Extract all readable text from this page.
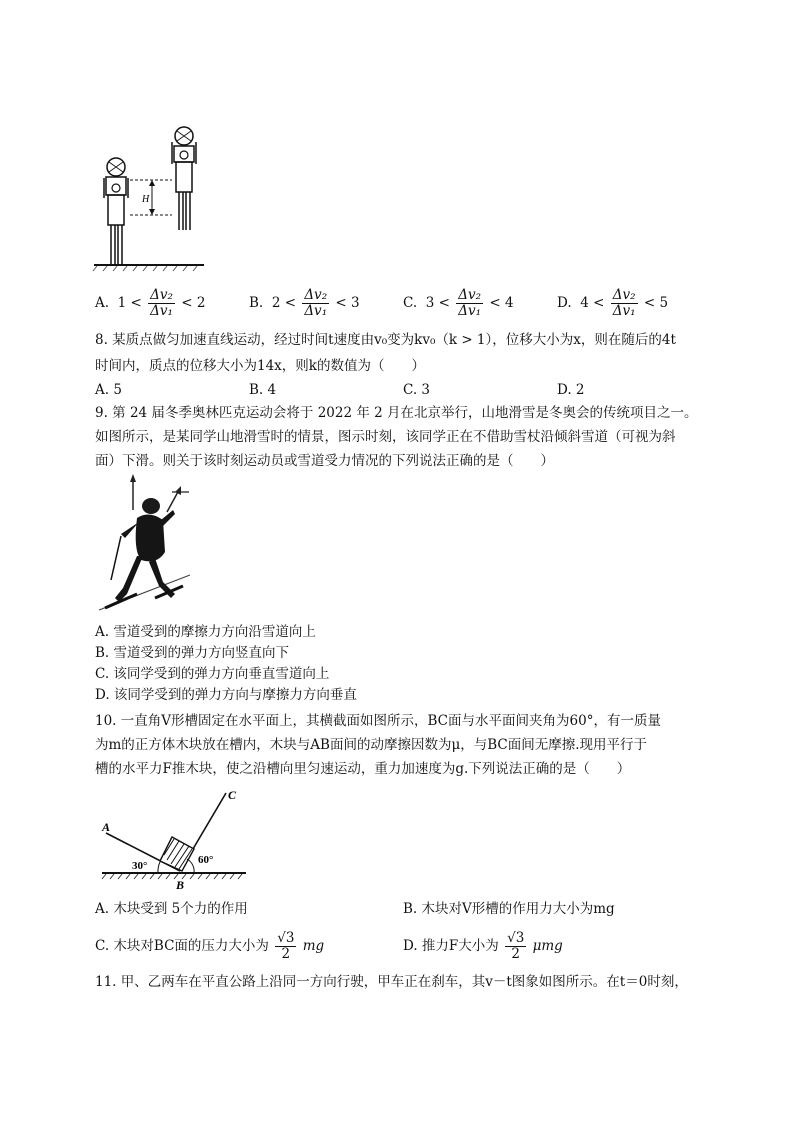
H
A. $1 < \frac{\text{Δv₂}}{\text{Δv₁}} < 2$	B. $2 < \frac{\text{Δv₂}}{\text{Δv₁}} < 3$	C. $3 < \frac{\text{Δv₂}}{\text{Δv₁}} < 4$	D. $4 < \frac{\text{Δv₂}}{\text{Δv₁}} < 5$
8. 某质点做匀加速直线运动，经过时间t速度由v₀变为kv₀（k > 1），位移大小为x，则在随后的4t
时间内，质点的位移大小为14x，则k的数值为（　　）
A. 5	B. 4	C. 3	D. 2
9. 第 24 届冬季奥林匹克运动会将于 2022 年 2 月在北京举行，山地滑雪是冬奥会的传统项目之一。
如图所示，是某同学山地滑雪时的情景，图示时刻，该同学正在不借助雪杖沿倾斜雪道（可视为斜
面）下滑。则关于该时刻运动员或雪道受力情况的下列说法正确的是（　　）
A. 雪道受到的摩擦力方向沿雪道向上
B. 雪道受到的弹力方向竖直向下
C. 该同学受到的弹力方向垂直雪道向上
D. 该同学受到的弹力方向与摩擦力方向垂直
10. 一直角V形槽固定在水平面上，其横截面如图所示，BC面与水平面间夹角为60°，有一质量
为m的正方体木块放在槽内，木块与AB面间的动摩擦因数为μ，与BC面间无摩擦.现用平行于
槽的水平力F推木块，使之沿槽向里匀速运动，重力加速度为g.下列说法正确的是（　　）
A
C
B
30°	60°
A. 木块受到 5个力的作用	B. 木块对V形槽的作用力大小为mg
C. 木块对BC面的压力大小为 $\frac{√3}{2}$ mg	D. 推力F大小为 $\frac{√3}{2}$ μmg
11. 甲、乙两车在平直公路上沿同一方向行驶，甲车正在刹车，其v－t图象如图所示。在t＝0时刻，
